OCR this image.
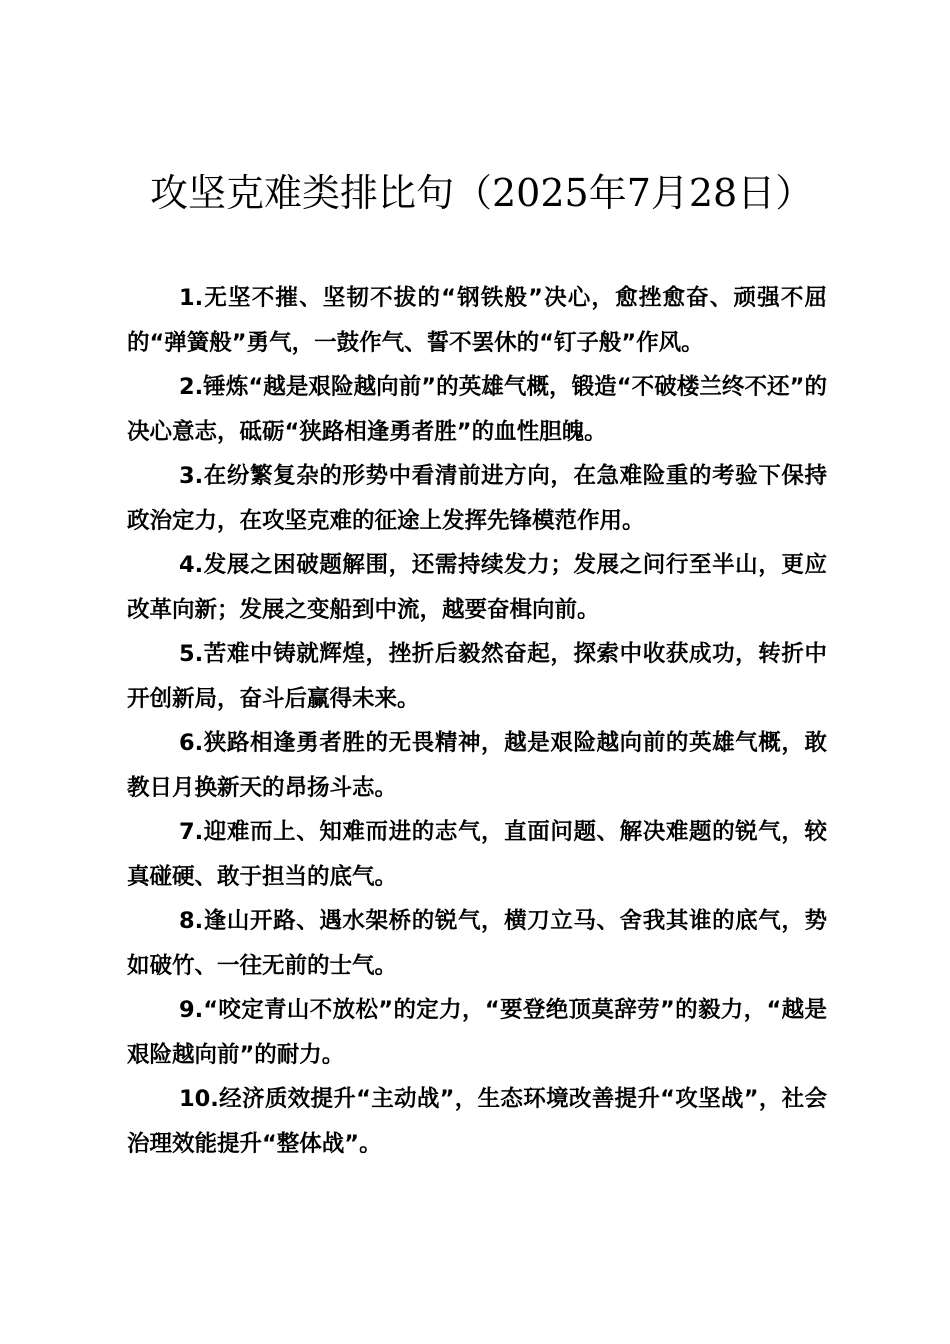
攻坚克难类排比句（2025年7月28日）
1.无坚不摧、坚韧不拔的“钢铁般”决心，愈挫愈奋、顽强不屈的“弹簧般”勇气，一鼓作气、誓不罢休的“钉子般”作风。
2.锤炼“越是艰险越向前”的英雄气概，锻造“不破楼兰终不还”的决心意志，砥砺“狭路相逢勇者胜”的血性胆魄。
3.在纷繁复杂的形势中看清前进方向，在急难险重的考验下保持政治定力，在攻坚克难的征途上发挥先锋模范作用。
4.发展之困破题解围，还需持续发力；发展之问行至半山，更应改革向新；发展之变船到中流，越要奋楫向前。
5.苦难中铸就辉煌，挫折后毅然奋起，探索中收获成功，转折中开创新局，奋斗后赢得未来。
6.狭路相逢勇者胜的无畏精神，越是艰险越向前的英雄气概，敢教日月换新天的昂扬斗志。
7.迎难而上、知难而进的志气，直面问题、解决难题的锐气，较真碰硬、敢于担当的底气。
8.逢山开路、遇水架桥的锐气，横刀立马、舍我其谁的底气，势如破竹、一往无前的士气。
9.“咬定青山不放松”的定力，“要登绝顶莫辞劳”的毅力，“越是艰险越向前”的耐力。
10.经济质效提升“主动战”，生态环境改善提升“攻坚战”，社会治理效能提升“整体战”。
